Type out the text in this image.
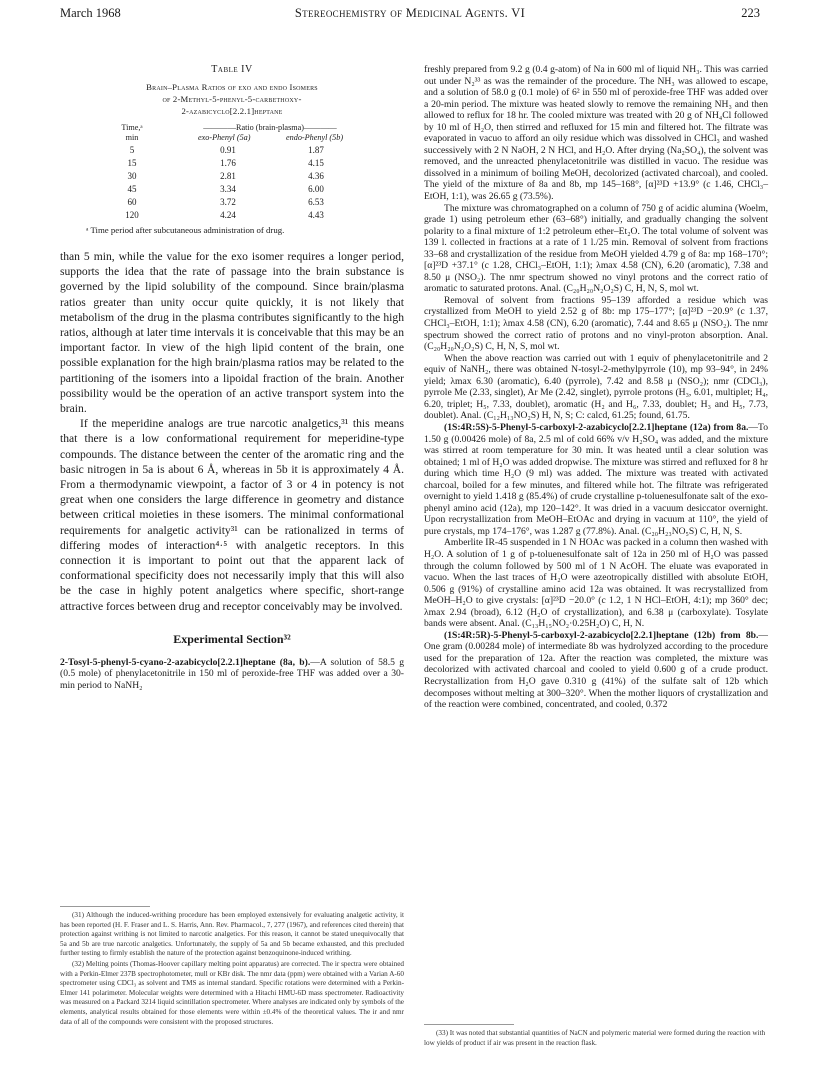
March 1968	Stereochemistry of Medicinal Agents. VI	223
Table IV
Brain–Plasma Ratios of exo and endo Isomers
of 2-Methyl-5-phenyl-5-carbethoxy-
2-azabicyclo[2.2.1]heptane
Time,ᵃ
min
————Ratio (brain-plasma)————
exo-Phenyl (5a)	endo-Phenyl (5b)
5	0.91	1.87
15	1.76	4.15
30	2.81	4.36
45	3.34	6.00
60	3.72	6.53
120	4.24	4.43
ᵃ Time period after subcutaneous administration of drug.

than 5 min, while the value for the exo isomer requires a longer period, supports the idea that the rate of passage into the brain substance is governed by the lipid solubility of the compound. Since brain/plasma ratios greater than unity occur quite quickly, it is not likely that metabolism of the drug in the plasma contributes significantly to the high ratios, although at later time intervals it is conceivable that this may be an important factor. In view of the high lipid content of the brain, one possible explanation for the high brain/plasma ratios may be related to the partitioning of the isomers into a lipoidal fraction of the brain. Another possibility would be the operation of an active transport system into the brain.

If the meperidine analogs are true narcotic analgetics,³¹ this means that there is a low conformational requirement for meperidine-type compounds. The distance between the center of the aromatic ring and the basic nitrogen in 5a is about 6 Å, whereas in 5b it is approximately 4 Å. From a thermodynamic viewpoint, a factor of 3 or 4 in potency is not great when one considers the large difference in geometry and distance between critical moieties in these isomers. The minimal conformational requirements for analgetic activity³¹ can be rationalized in terms of differing modes of interaction⁴·⁵ with analgetic receptors. In this connection it is important to point out that the apparent lack of conformational specificity does not necessarily imply that this will also be the case in highly potent analgetics where specific, short-range attractive forces between drug and receptor conceivably may be involved.

Experimental Section³²

2-Tosyl-5-phenyl-5-cyano-2-azabicyclo[2.2.1]heptane (8a, b).—A solution of 58.5 g (0.5 mole) of phenylacetonitrile in 150 ml of peroxide-free THF was added over a 30-min period to NaNH₂

(31) Although the induced-writhing procedure has been employed extensively for evaluating analgetic activity, it has been reported (H. F. Fraser and L. S. Harris, Ann. Rev. Pharmacol., 7, 277 (1967), and references cited therein) that protection against writhing is not limited to narcotic analgetics. For this reason, it cannot be stated unequivocally that 5a and 5b are true narcotic analgetics. Unfortunately, the supply of 5a and 5b became exhausted, and this precluded further testing to firmly establish the nature of the protection against benzoquinone-induced writhing.

(32) Melting points (Thomas-Hoover capillary melting point apparatus) are corrected. The ir spectra were obtained with a Perkin-Elmer 237B spectrophotometer, mull or KBr disk. The nmr data (ppm) were obtained with a Varian A-60 spectrometer using CDCl₃ as solvent and TMS as internal standard. Specific rotations were determined with a Perkin-Elmer 141 polarimeter. Molecular weights were determined with a Hitachi HMU-6D mass spectrometer. Radioactivity was measured on a Packard 3214 liquid scintillation spectrometer. Where analyses are indicated only by symbols of the elements, analytical results obtained for those elements were within ±0.4% of the theoretical values. The ir and nmr data of all of the compounds were consistent with the proposed structures.

freshly prepared from 9.2 g (0.4 g-atom) of Na in 600 ml of liquid NH₃. This was carried out under N₂³³ as was the remainder of the procedure. The NH₃ was allowed to escape, and a solution of 58.0 g (0.1 mole) of 6² in 550 ml of peroxide-free THF was added over a 20-min period. The mixture was heated slowly to remove the remaining NH₃ and then allowed to reflux for 18 hr. The cooled mixture was treated with 20 g of NH₄Cl followed by 10 ml of H₂O, then stirred and refluxed for 15 min and filtered hot. The filtrate was evaporated in vacuo to afford an oily residue which was dissolved in CHCl₃ and washed successively with 2 N NaOH, 2 N HCl, and H₂O. After drying (Na₂SO₄), the solvent was removed, and the unreacted phenylacetonitrile was distilled in vacuo. The residue was dissolved in a minimum of boiling MeOH, decolorized (activated charcoal), and cooled. The yield of the mixture of 8a and 8b, mp 145–168°, [α]²³D +13.9° (c 1.46, CHCl₃–EtOH, 1:1), was 26.65 g (73.5%).

The mixture was chromatographed on a column of 750 g of acidic alumina (Woelm, grade 1) using petroleum ether (63–68°) initially, and gradually changing the solvent polarity to a final mixture of 1:2 petroleum ether–Et₂O. The total volume of solvent was 139 l. collected in fractions at a rate of 1 l./25 min. Removal of solvent from fractions 33–68 and crystallization of the residue from MeOH yielded 4.79 g of 8a: mp 168–170°; [α]²³D +37.1° (c 1.28, CHCl₃–EtOH, 1:1); λmax 4.58 (CN), 6.20 (aromatic), 7.38 and 8.50 μ (NSO₂). The nmr spectrum showed no vinyl protons and the correct ratio of aromatic to saturated protons. Anal. (C₂₀H₂₀N₂O₂S) C, H, N, S, mol wt.

Removal of solvent from fractions 95–139 afforded a residue which was crystallized from MeOH to yield 2.52 g of 8b: mp 175–177°; [α]²³D −20.9° (c 1.37, CHCl₃–EtOH, 1:1); λmax 4.58 (CN), 6.20 (aromatic), 7.44 and 8.65 μ (NSO₂). The nmr spectrum showed the correct ratio of protons and no vinyl-proton absorption. Anal. (C₂₀H₂₀N₂O₂S) C, H, N, S, mol wt.

When the above reaction was carried out with 1 equiv of phenylacetonitrile and 2 equiv of NaNH₂, there was obtained N-tosyl-2-methylpyrrole (10), mp 93–94°, in 24% yield; λmax 6.30 (aromatic), 6.40 (pyrrole), 7.42 and 8.58 μ (NSO₂); nmr (CDCl₃), pyrrole Me (2.33, singlet), Ar Me (2.42, singlet), pyrrole protons (H₃, 6.01, multiplet; H₄, 6.20, triplet; H₅, 7.33, doublet), aromatic (H₂ and H₆, 7.33, doublet; H₃ and H₅, 7.73, doublet). Anal. (C₁₂H₁₃NO₂S) H, N, S; C: calcd, 61.25; found, 61.75.

(1S:4R:5S)-5-Phenyl-5-carboxyl-2-azabicyclo[2.2.1]heptane (12a) from 8a.—To 1.50 g (0.00426 mole) of 8a, 2.5 ml of cold 66% v/v H₂SO₄ was added, and the mixture was stirred at room temperature for 30 min. It was heated until a clear solution was obtained; 1 ml of H₂O was added dropwise. The mixture was stirred and refluxed for 8 hr during which time H₂O (9 ml) was added. The mixture was treated with activated charcoal, boiled for a few minutes, and filtered while hot. The filtrate was refrigerated overnight to yield 1.418 g (85.4%) of crude crystalline p-toluenesulfonate salt of the exo-phenyl amino acid (12a), mp 120–142°. It was dried in a vacuum desiccator overnight. Upon recrystallization from MeOH–EtOAc and drying in vacuum at 110°, the yield of pure crystals, mp 174–176°, was 1.287 g (77.8%). Anal. (C₂₀H₂₃NO₅S) C, H, N, S.

Amberlite IR-45 suspended in 1 N HOAc was packed in a column then washed with H₂O. A solution of 1 g of p-toluenesulfonate salt of 12a in 250 ml of H₂O was passed through the column followed by 500 ml of 1 N AcOH. The eluate was evaporated in vacuo. When the last traces of H₂O were azeotropically distilled with absolute EtOH, 0.506 g (91%) of crystalline amino acid 12a was obtained. It was recrystallized from MeOH–H₂O to give crystals: [α]²³D −20.0° (c 1.2, 1 N HCl–EtOH, 4:1); mp 360° dec; λmax 2.94 (broad), 6.12 (H₂O of crystallization), and 6.38 μ (carboxylate). Tosylate bands were absent. Anal. (C₁₃H₁₅NO₂·0.25H₂O) C, H, N.

(1S:4R:5R)-5-Phenyl-5-carboxyl-2-azabicyclo[2.2.1]heptane (12b) from 8b.—One gram (0.00284 mole) of intermediate 8b was hydrolyzed according to the procedure used for the preparation of 12a. After the reaction was completed, the mixture was decolorized with activated charcoal and cooled to yield 0.600 g of a crude product. Recrystallization from H₂O gave 0.310 g (41%) of the sulfate salt of 12b which decomposes without melting at 300–320°. When the mother liquors of crystallization and of the reaction were combined, concentrated, and cooled, 0.372

(33) It was noted that substantial quantities of NaCN and polymeric material were formed during the reaction with low yields of product if air was present in the reaction flask.
